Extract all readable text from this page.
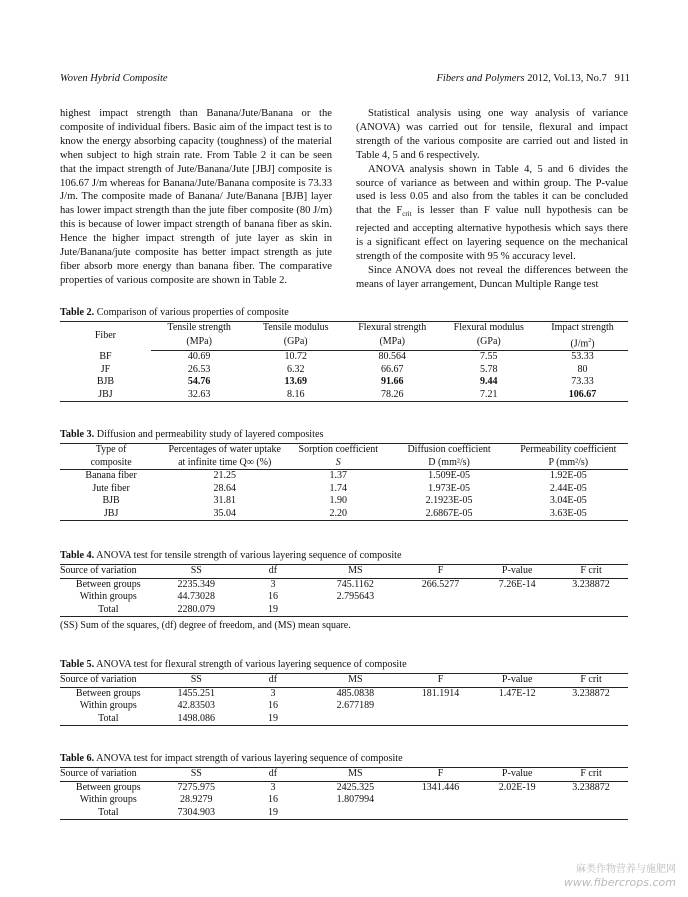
Woven Hybrid Composite	Fibers and Polymers 2012, Vol.13, No.7 911

highest impact strength than Banana/Jute/Banana or the composite of individual fibers. Basic aim of the impact test is to know the energy absorbing capacity (toughness) of the material when subject to high strain rate. From Table 2 it can be seen that the impact strength of Jute/Banana/Jute [JBJ] composite is 106.67 J/m whereas for Banana/Jute/Banana composite is 73.33 J/m. The composite made of Banana/ Jute/Banana [BJB] layer has lower impact strength than the jute fiber composite (80 J/m) this is because of lower impact strength of banana fiber as skin. Hence the higher impact strength of jute layer as skin in Jute/Banana/jute composite has better impact strength as jute fiber absorb more energy than banana fiber. The comparative properties of various composite are shown in Table 2.

Statistical analysis using one way analysis of variance (ANOVA) was carried out for tensile, flexural and impact strength of the various composite are carried out and listed in Table 4, 5 and 6 respectively.

ANOVA analysis shown in Table 4, 5 and 6 divides the source of variance as between and within group. The P-value used is less 0.05 and also from the tables it can be concluded that the $F_{crit}$ is lesser than F value null hypothesis can be rejected and accepting alternative hypothesis which says there is a significant effect on layering sequence on the mechanical strength of the composite with 95 % accuracy level.

Since ANOVA does not reveal the differences between the means of layer arrangement, Duncan Multiple Range test

Table 2. Comparison of various properties of composite
Fiber	Tensile strength	Tensile modulus	Flexural strength	Flexural modulus	Impact strength
	(MPa)	(GPa)	(MPa)	(GPa)	$(J/m^2)$
BF	40.69	10.72	80.564	7.55	53.33
JF	26.53	6.32	66.67	5.78	80
BJB	54.76	13.69	91.66	9.44	73.33
JBJ	32.63	8.16	78.26	7.21	106.67
Table 3. Diffusion and permeability study of layered composites
Type of	Percentages of water uptake	Sorption coefficient	Diffusion coefficient	Permeability coefficient
composite	at infinite time Q∞ (%)	S	D (mm²/s)	P (mm²/s)
Banana fiber	21.25	1.37	1.509E-05	1.92E-05
Jute fiber	28.64	1.74	1.973E-05	2.44E-05
BJB	31.81	1.90	2.1923E-05	3.04E-05
JBJ	35.04	2.20	2.6867E-05	3.63E-05
Table 4. ANOVA test for tensile strength of various layering sequence of composite
Source of variation	SS	df	MS	F	P-value	F crit
Between groups	2235.349	3	745.1162	266.5277	7.26E-14	3.238872
Within groups	44.73028	16	2.795643			
Total	2280.079	19				
(SS) Sum of the squares, (df) degree of freedom, and (MS) mean square.
Table 5. ANOVA test for flexural strength of various layering sequence of composite
Source of variation	SS	df	MS	F	P-value	F crit
Between groups	1455.251	3	485.0838	181.1914	1.47E-12	3.238872
Within groups	42.83503	16	2.677189			
Total	1498.086	19				
Table 6. ANOVA test for impact strength of various layering sequence of composite
Source of variation	SS	df	MS	F	P-value	F crit
Between groups	7275.975	3	2425.325	1341.446	2.02E-19	3.238872
Within groups	28.9279	16	1.807994			
Total	7304.903	19				
麻类作物营养与施肥网
www.fibercrops.com
